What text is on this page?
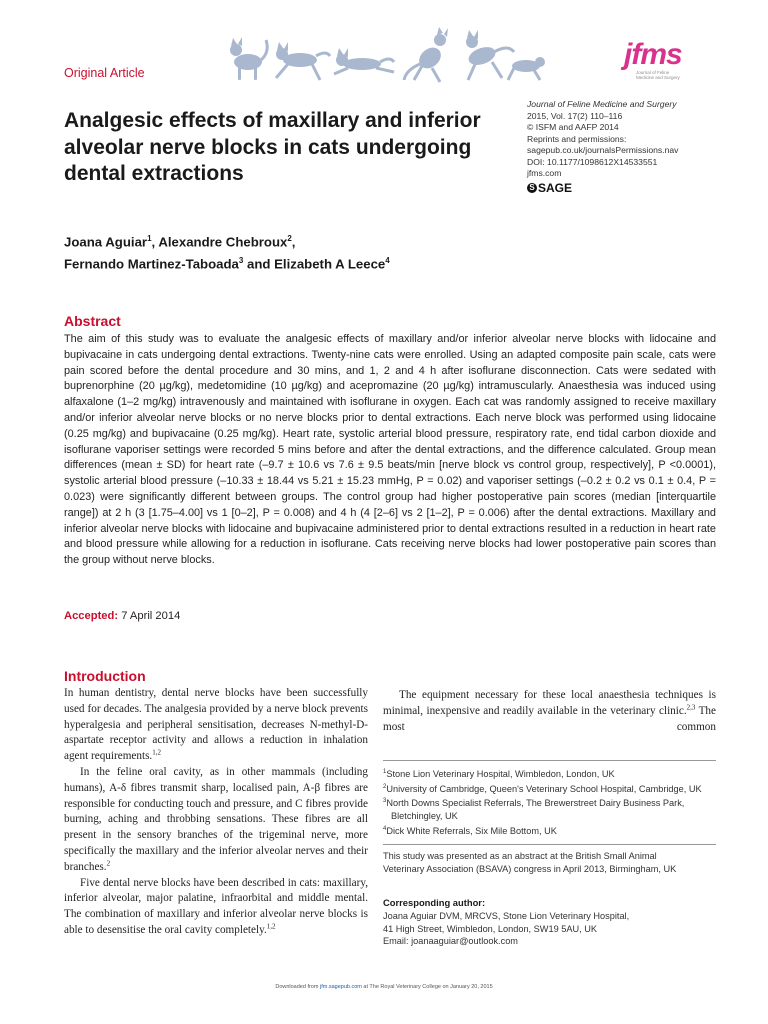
Original Article
jfms
Journal of Feline
Medicine and Surgery
Analgesic effects of maxillary and inferior alveolar nerve blocks in cats undergoing dental extractions
Journal of Feline Medicine and Surgery
2015, Vol. 17(2) 110–116
© ISFM and AAFP 2014
Reprints and permissions:
sagepub.co.uk/journalsPermissions.nav
DOI: 10.1177/1098612X14533551
jfms.com
S SAGE
Joana Aguiar$^1$, Alexandre Chebroux$^2$,
Fernando Martinez-Taboada$^3$ and Elizabeth A Leece$^4$
Abstract

The aim of this study was to evaluate the analgesic effects of maxillary and/or inferior alveolar nerve blocks with lidocaine and bupivacaine in cats undergoing dental extractions. Twenty-nine cats were enrolled. Using an adapted composite pain scale, cats were pain scored before the dental procedure and 30 mins, and 1, 2 and 4 h after isoflurane disconnection. Cats were sedated with buprenorphine (20 µg/kg), medetomidine (10 µg/kg) and acepromazine (20 µg/kg) intramuscularly. Anaesthesia was induced using alfaxalone (1–2 mg/kg) intravenously and maintained with isoflurane in oxygen. Each cat was randomly assigned to receive maxillary and/or inferior alveolar nerve blocks or no nerve blocks prior to dental extractions. Each nerve block was performed using lidocaine (0.25 mg/kg) and bupivacaine (0.25 mg/kg). Heart rate, systolic arterial blood pressure, respiratory rate, end tidal carbon dioxide and isoflurane vaporiser settings were recorded 5 mins before and after the dental extractions, and the difference calculated. Group mean differences (mean ± SD) for heart rate (–9.7 ± 10.6 vs 7.6 ± 9.5 beats/min [nerve block vs control group, respectively], P <0.0001), systolic arterial blood pressure (–10.33 ± 18.44 vs 5.21 ± 15.23 mmHg, P = 0.02) and vaporiser settings (–0.2 ± 0.2 vs 0.1 ± 0.4, P = 0.023) were significantly different between groups. The control group had higher postoperative pain scores (median [interquartile range]) at 2 h (3 [1.75–4.00] vs 1 [0–2], P = 0.008) and 4 h (4 [2–6] vs 2 [1–2], P = 0.006) after the dental extractions. Maxillary and inferior alveolar nerve blocks with lidocaine and bupivacaine administered prior to dental extractions resulted in a reduction in heart rate and blood pressure while allowing for a reduction in isoflurane. Cats receiving nerve blocks had lower postoperative pain scores than the group without nerve blocks.

Accepted: 7 April 2014
Introduction

In human dentistry, dental nerve blocks have been successfully used for decades. The analgesia provided by a nerve block prevents hyperalgesia and peripheral sensitisation, decreases N-methyl-D-aspartate receptor activity and allows a reduction in inhalation agent requirements.$^{1,2}$

In the feline oral cavity, as in other mammals (including humans), A-δ fibres transmit sharp, localised pain, A-β fibres are responsible for conducting touch and pressure, and C fibres provide burning, aching and throbbing sensations. These fibres are all present in the sensory branches of the trigeminal nerve, more specifically the maxillary and the inferior alveolar nerves and their branches.$^2$

Five dental nerve blocks have been described in cats: maxillary, inferior alveolar, major palatine, infraorbital and middle mental. The combination of maxillary and inferior alveolar nerve blocks is able to desensitise the oral cavity completely.$^{1,2}$

The equipment necessary for these local anaesthesia techniques is minimal, inexpensive and readily available in the veterinary clinic.$^{2,3}$ The most common

$^1$Stone Lion Veterinary Hospital, Wimbledon, London, UK
$^2$University of Cambridge, Queen's Veterinary School Hospital, Cambridge, UK
$^3$North Downs Specialist Referrals, The Brewerstreet Dairy Business Park, Bletchingley, UK
$^4$Dick White Referrals, Six Mile Bottom, UK

This study was presented as an abstract at the British Small Animal Veterinary Association (BSAVA) congress in April 2013, Birmingham, UK

Corresponding author:
Joana Aguiar DVM, MRCVS, Stone Lion Veterinary Hospital,
41 High Street, Wimbledon, London, SW19 5AU, UK
Email: joanaaguiar@outlook.com
Downloaded from jfm.sagepub.com at The Royal Veterinary College on January 20, 2015
